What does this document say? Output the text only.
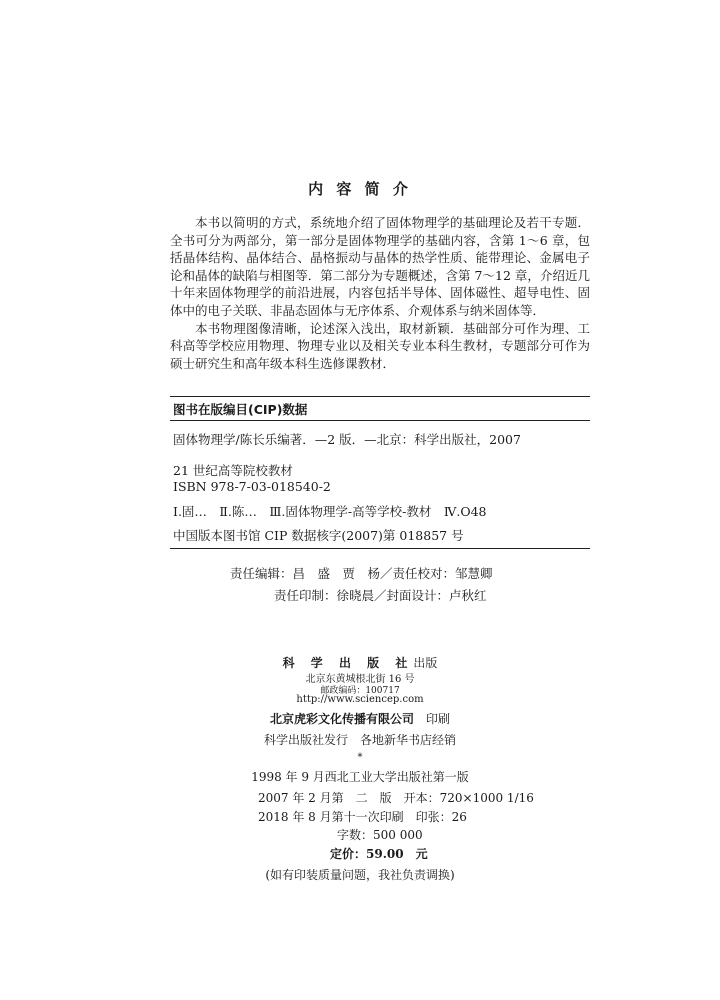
内 容 简 介

本书以简明的方式，系统地介绍了固体物理学的基础理论及若干专题．全书可分为两部分，第一部分是固体物理学的基础内容，含第 1～6 章，包括晶体结构、晶体结合、晶格振动与晶体的热学性质、能带理论、金属电子论和晶体的缺陷与相图等．第二部分为专题概述，含第 7～12 章，介绍近几十年来固体物理学的前沿进展，内容包括半导体、固体磁性、超导电性、固体中的电子关联、非晶态固体与无序体系、介观体系与纳米固体等．

本书物理图像清晰，论述深入浅出，取材新颖．基础部分可作为理、工科高等学校应用物理、物理专业以及相关专业本科生教材，专题部分可作为硕士研究生和高年级本科生选修课教材．

图书在版编目(CIP)数据
固体物理学/陈长乐编著．—2 版．—北京：科学出版社，2007
21 世纪高等院校教材
ISBN 978-7-03-018540-2
Ⅰ.固…　Ⅱ.陈…　Ⅲ.固体物理学-高等学校-教材　Ⅳ.O48
中国版本图书馆 CIP 数据核字(2007)第 018857 号
责任编辑：昌　盛　贾　杨／责任校对：邹慧卿
责任印制：徐晓晨／封面设计：卢秋红
科 学 出 版 社出版
北京东黄城根北街 16 号
邮政编码：100717
http://www.sciencep.com
北京虎彩文化传播有限公司　 印刷
科学出版社发行　各地新华书店经销
*
1998 年 9 月西北工业大学出版社第一版
2007 年 2 月第　二　版　开本：720×1000 1/16
2018 年 8 月第十一次印刷　印张：26
字数：500 000
定价：59.00　元
(如有印装质量问题，我社负责调换)
